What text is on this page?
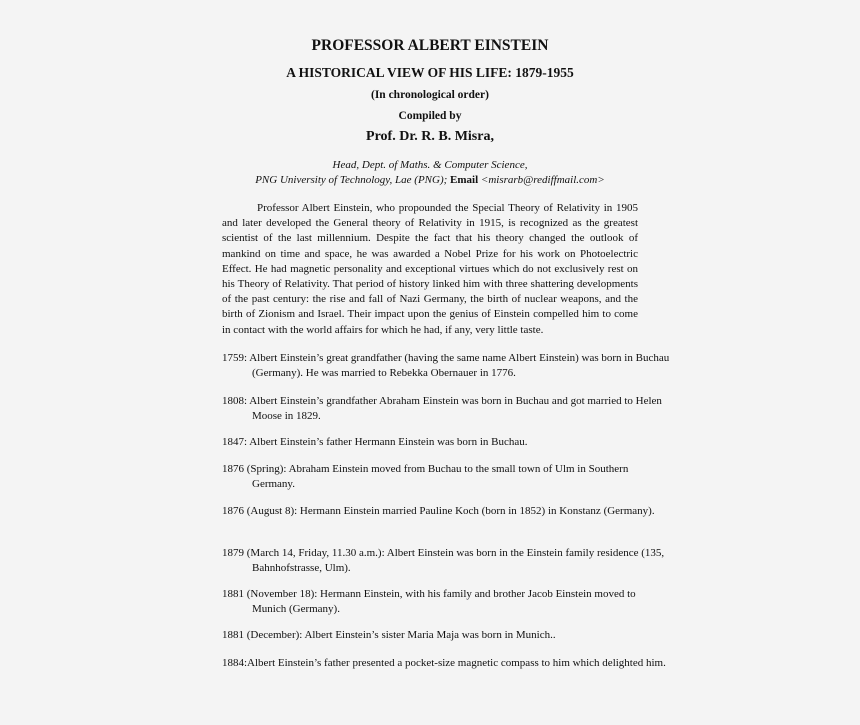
PROFESSOR ALBERT EINSTEIN
A HISTORICAL VIEW OF HIS LIFE: 1879-1955
(In chronological order)
Compiled by
Prof. Dr. R. B. Misra,
Head, Dept. of Maths. & Computer Science,
PNG University of Technology, Lae (PNG); Email <misrarb@rediffmail.com>

Professor Albert Einstein, who propounded the Special Theory of Relativity in 1905 and later developed the General theory of Relativity in 1915, is recognized as the greatest scientist of the last millennium. Despite the fact that his theory changed the outlook of mankind on time and space, he was awarded a Nobel Prize for his work on Photoelectric Effect. He had magnetic personality and exceptional virtues which do not exclusively rest on his Theory of Relativity. That period of history linked him with three shattering developments of the past century: the rise and fall of Nazi Germany, the birth of nuclear weapons, and the birth of Zionism and Israel. Their impact upon the genius of Einstein compelled him to come in contact with the world affairs for which he had, if any, very little taste.

1759: Albert Einstein’s great grandfather (having the same name Albert Einstein) was born in Buchau (Germany). He was married to Rebekka Obernauer in 1776.

1808: Albert Einstein’s grandfather Abraham Einstein was born in Buchau and got married to Helen Moose in 1829.

1847: Albert Einstein’s father Hermann Einstein was born in Buchau.

1876 (Spring): Abraham Einstein moved from Buchau to the small town of Ulm in Southern Germany.

1876 (August 8): Hermann Einstein married Pauline Koch (born in 1852) in Konstanz (Germany).

1879 (March 14, Friday, 11.30 a.m.): Albert Einstein was born in the Einstein family residence (135, Bahnhofstrasse, Ulm).

1881 (November 18): Hermann Einstein, with his family and brother Jacob Einstein moved to Munich (Germany).

1881 (December): Albert Einstein’s sister Maria Maja was born in Munich..

1884:Albert Einstein’s father presented a pocket-size magnetic compass to him which delighted him.
